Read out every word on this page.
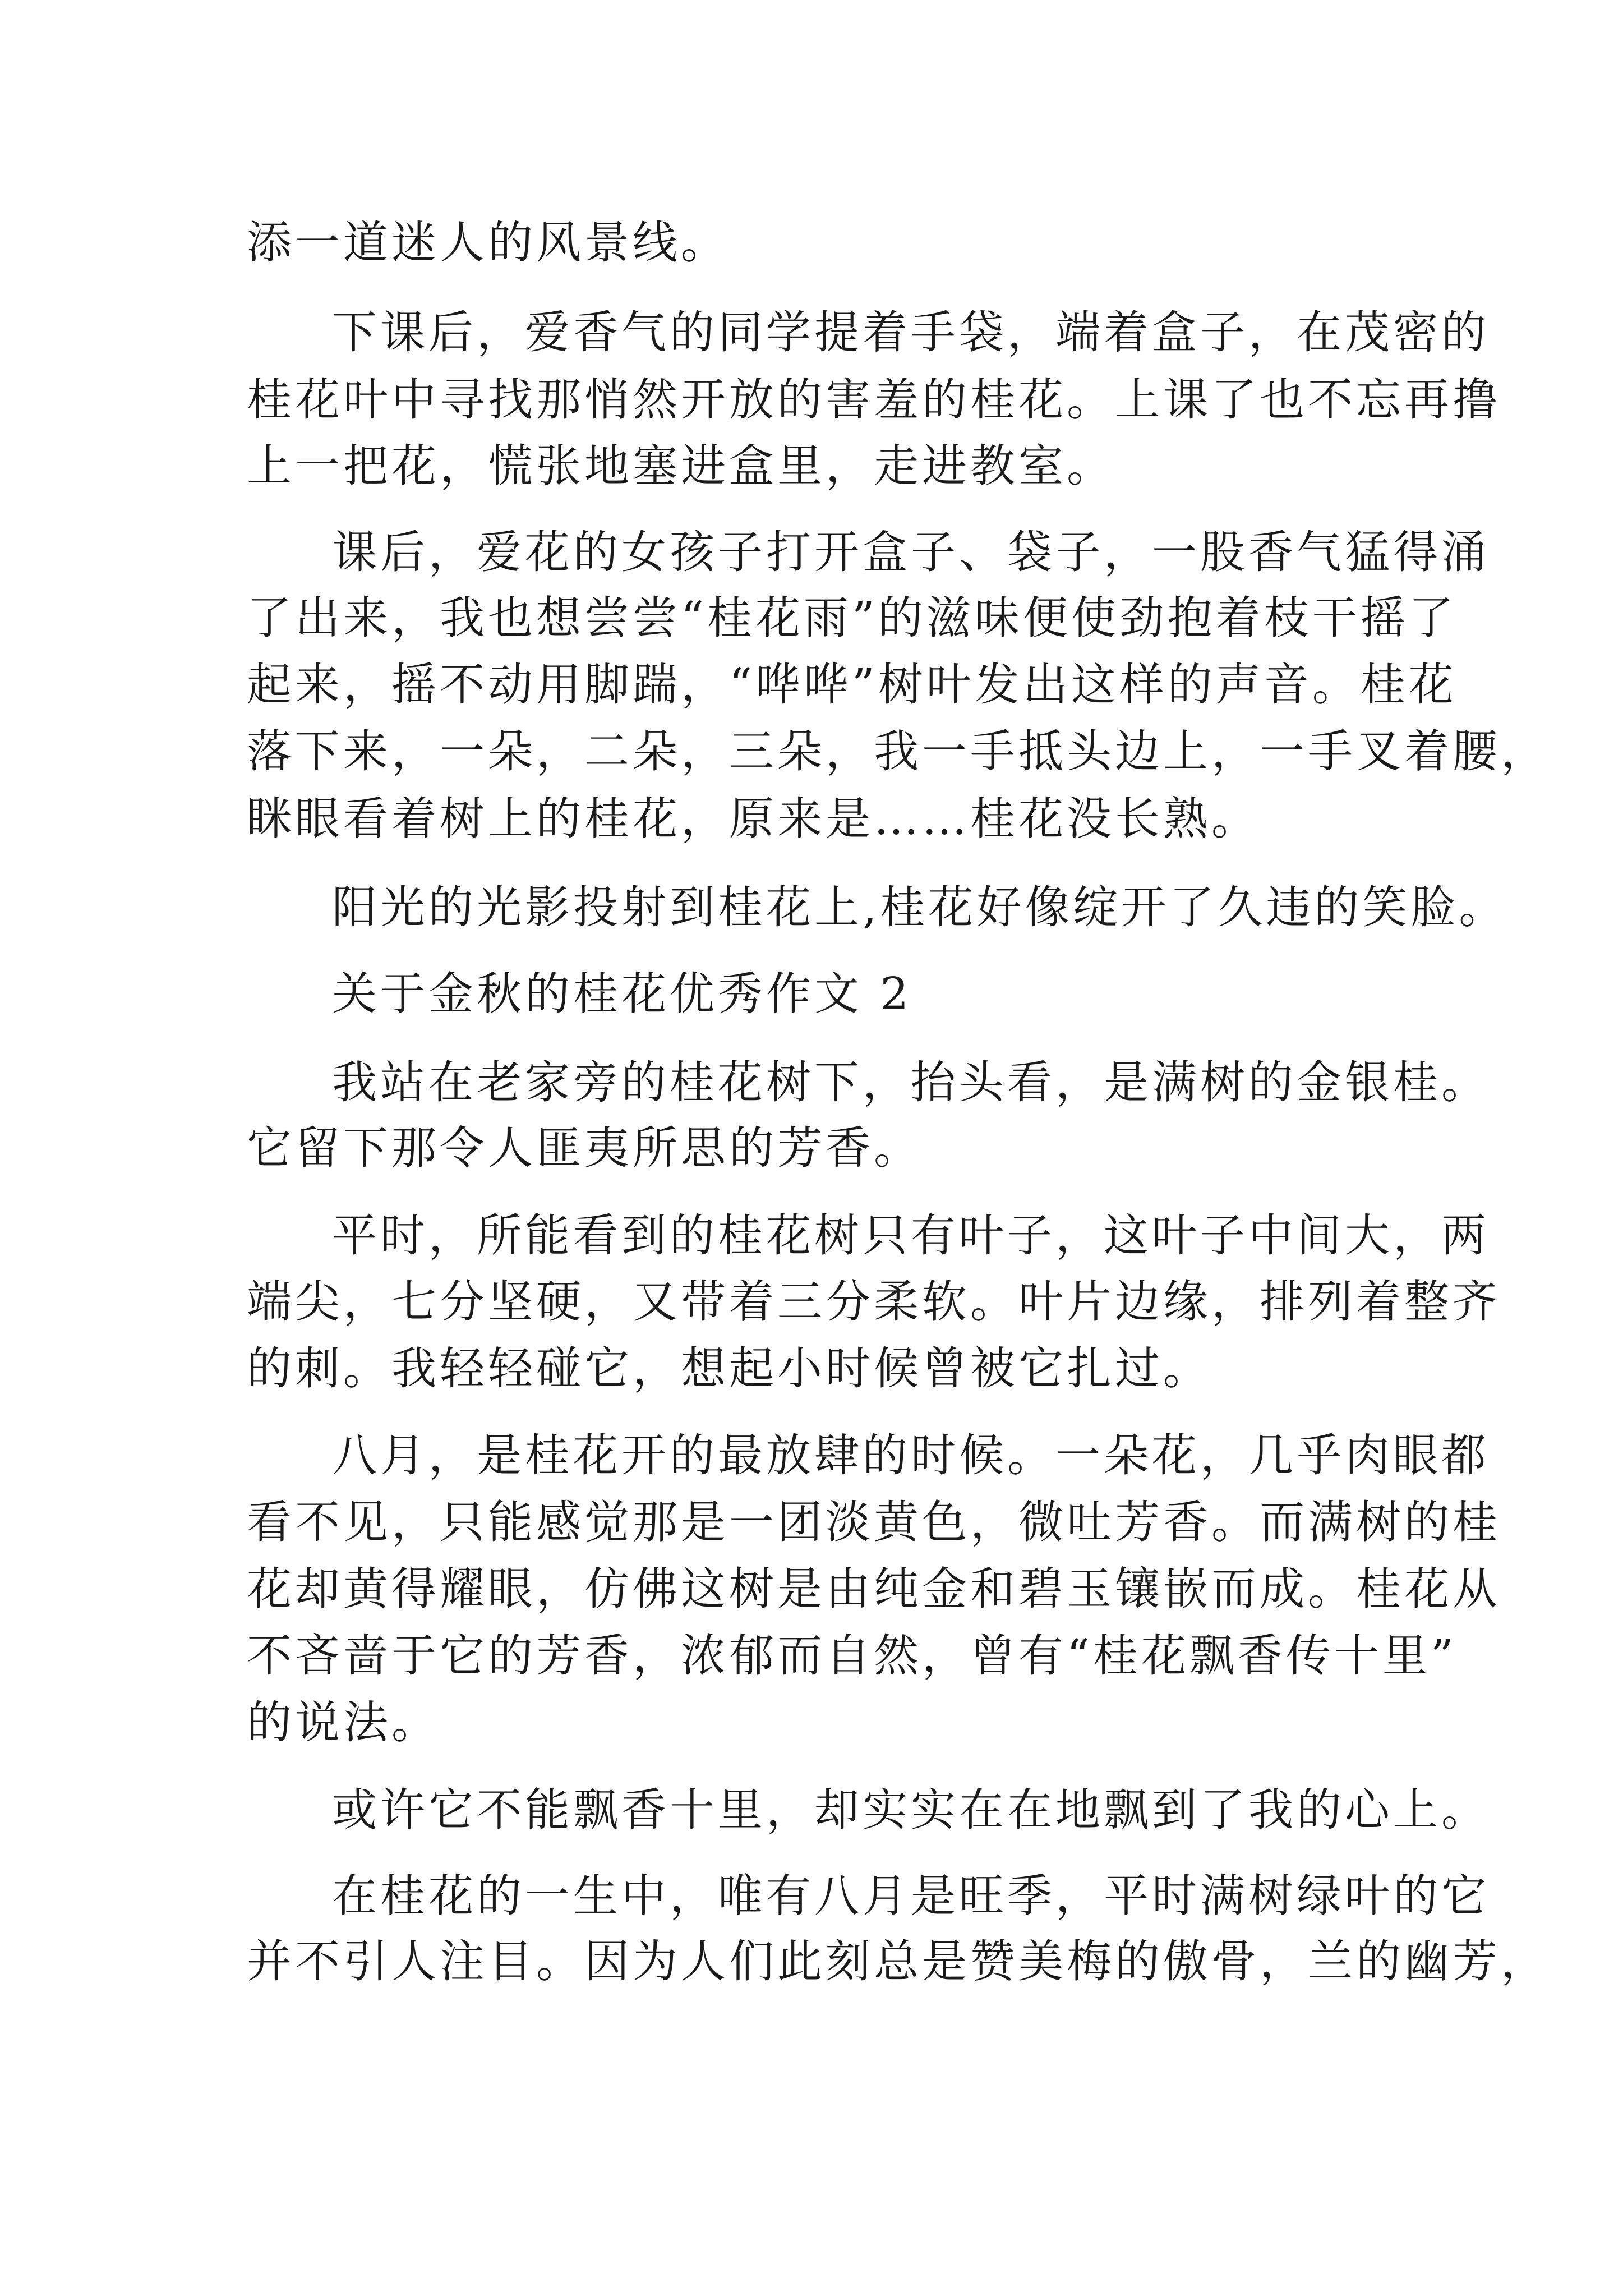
添一道迷人的风景线。

下课后，爱香气的同学提着手袋，端着盒子，在茂密的

桂花叶中寻找那悄然开放的害羞的桂花。上课了也不忘再撸

上一把花，慌张地塞进盒里，走进教室。

课后，爱花的女孩子打开盒子、袋子，一股香气猛得涌

了出来，我也想尝尝“桂花雨”的滋味便使劲抱着枝干摇了

起来，摇不动用脚踹，“哗哗”树叶发出这样的声音。桂花

落下来，一朵，二朵，三朵，我一手抵头边上，一手叉着腰，

眯眼看着树上的桂花，原来是……桂花没长熟。

阳光的光影投射到桂花上,桂花好像绽开了久违的笑脸。

关于金秋的桂花优秀作文 2

我站在老家旁的桂花树下，抬头看，是满树的金银桂。

它留下那令人匪夷所思的芳香。

平时，所能看到的桂花树只有叶子，这叶子中间大，两

端尖，七分坚硬，又带着三分柔软。叶片边缘，排列着整齐

的刺。我轻轻碰它，想起小时候曾被它扎过。

八月，是桂花开的最放肆的时候。一朵花，几乎肉眼都

看不见，只能感觉那是一团淡黄色，微吐芳香。而满树的桂

花却黄得耀眼，仿佛这树是由纯金和碧玉镶嵌而成。桂花从

不吝啬于它的芳香，浓郁而自然，曾有“桂花飘香传十里”

的说法。

或许它不能飘香十里，却实实在在地飘到了我的心上。

在桂花的一生中，唯有八月是旺季，平时满树绿叶的它

并不引人注目。因为人们此刻总是赞美梅的傲骨，兰的幽芳，
